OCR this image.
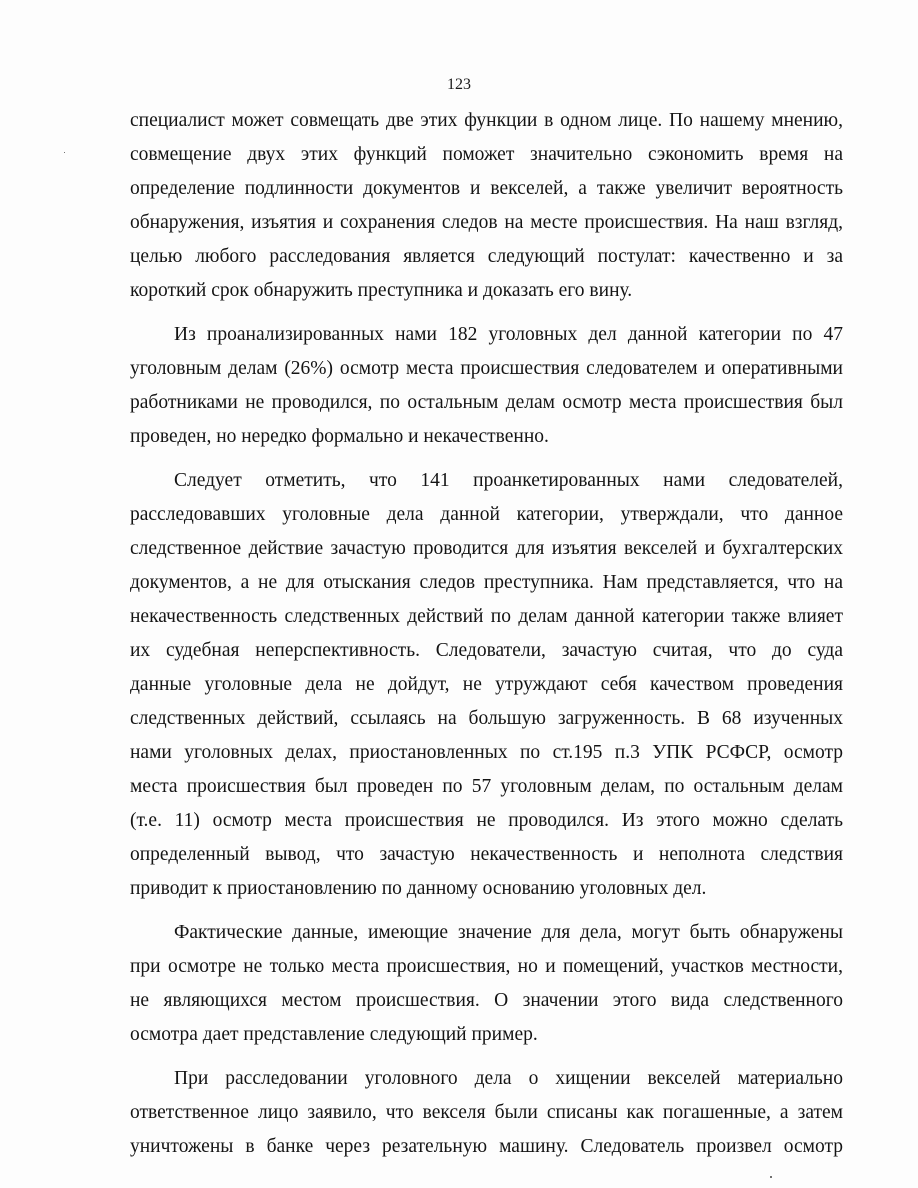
123
специалист может совмещать две этих функции в одном лице. По нашему мнению,
совмещение двух этих функций поможет значительно сэкономить время на
определение подлинности документов и векселей, а также увеличит вероятность
обнаружения, изъятия и сохранения следов на месте происшествия. На наш взгляд,
целью любого расследования является следующий постулат: качественно и за
короткий срок обнаружить преступника и доказать его вину.
Из проанализированных нами 182 уголовных дел данной категории по 47
уголовным делам (26%) осмотр места происшествия следователем и оперативными
работниками не проводился, по остальным делам осмотр места происшествия был
проведен, но нередко формально и некачественно.
Следует отметить, что 141 проанкетированных нами следователей,
расследовавших уголовные дела данной категории, утверждали, что данное
следственное действие зачастую проводится для изъятия векселей и бухгалтерских
документов, а не для отыскания следов преступника. Нам представляется, что на
некачественность следственных действий по делам данной категории также влияет
их судебная неперспективность. Следователи, зачастую считая, что до суда
данные уголовные дела не дойдут, не утруждают себя качеством проведения
следственных действий, ссылаясь на большую загруженность. В 68 изученных
нами уголовных делах, приостановленных по ст.195 п.3 УПК РСФСР, осмотр
места происшествия был проведен по 57 уголовным делам, по остальным делам
(т.е. 11) осмотр места происшествия не проводился. Из этого можно сделать
определенный вывод, что зачастую некачественность и неполнота следствия
приводит к приостановлению по данному основанию уголовных дел.
Фактические данные, имеющие значение для дела, могут быть обнаружены
при осмотре не только места происшествия, но и помещений, участков местности,
не являющихся местом происшествия. О значении этого вида следственного
осмотра дает представление следующий пример.
При расследовании уголовного дела о хищении векселей материально
ответственное лицо заявило, что векселя были списаны как погашенные, а затем
уничтожены в банке через резательную машину. Следователь произвел осмотр
